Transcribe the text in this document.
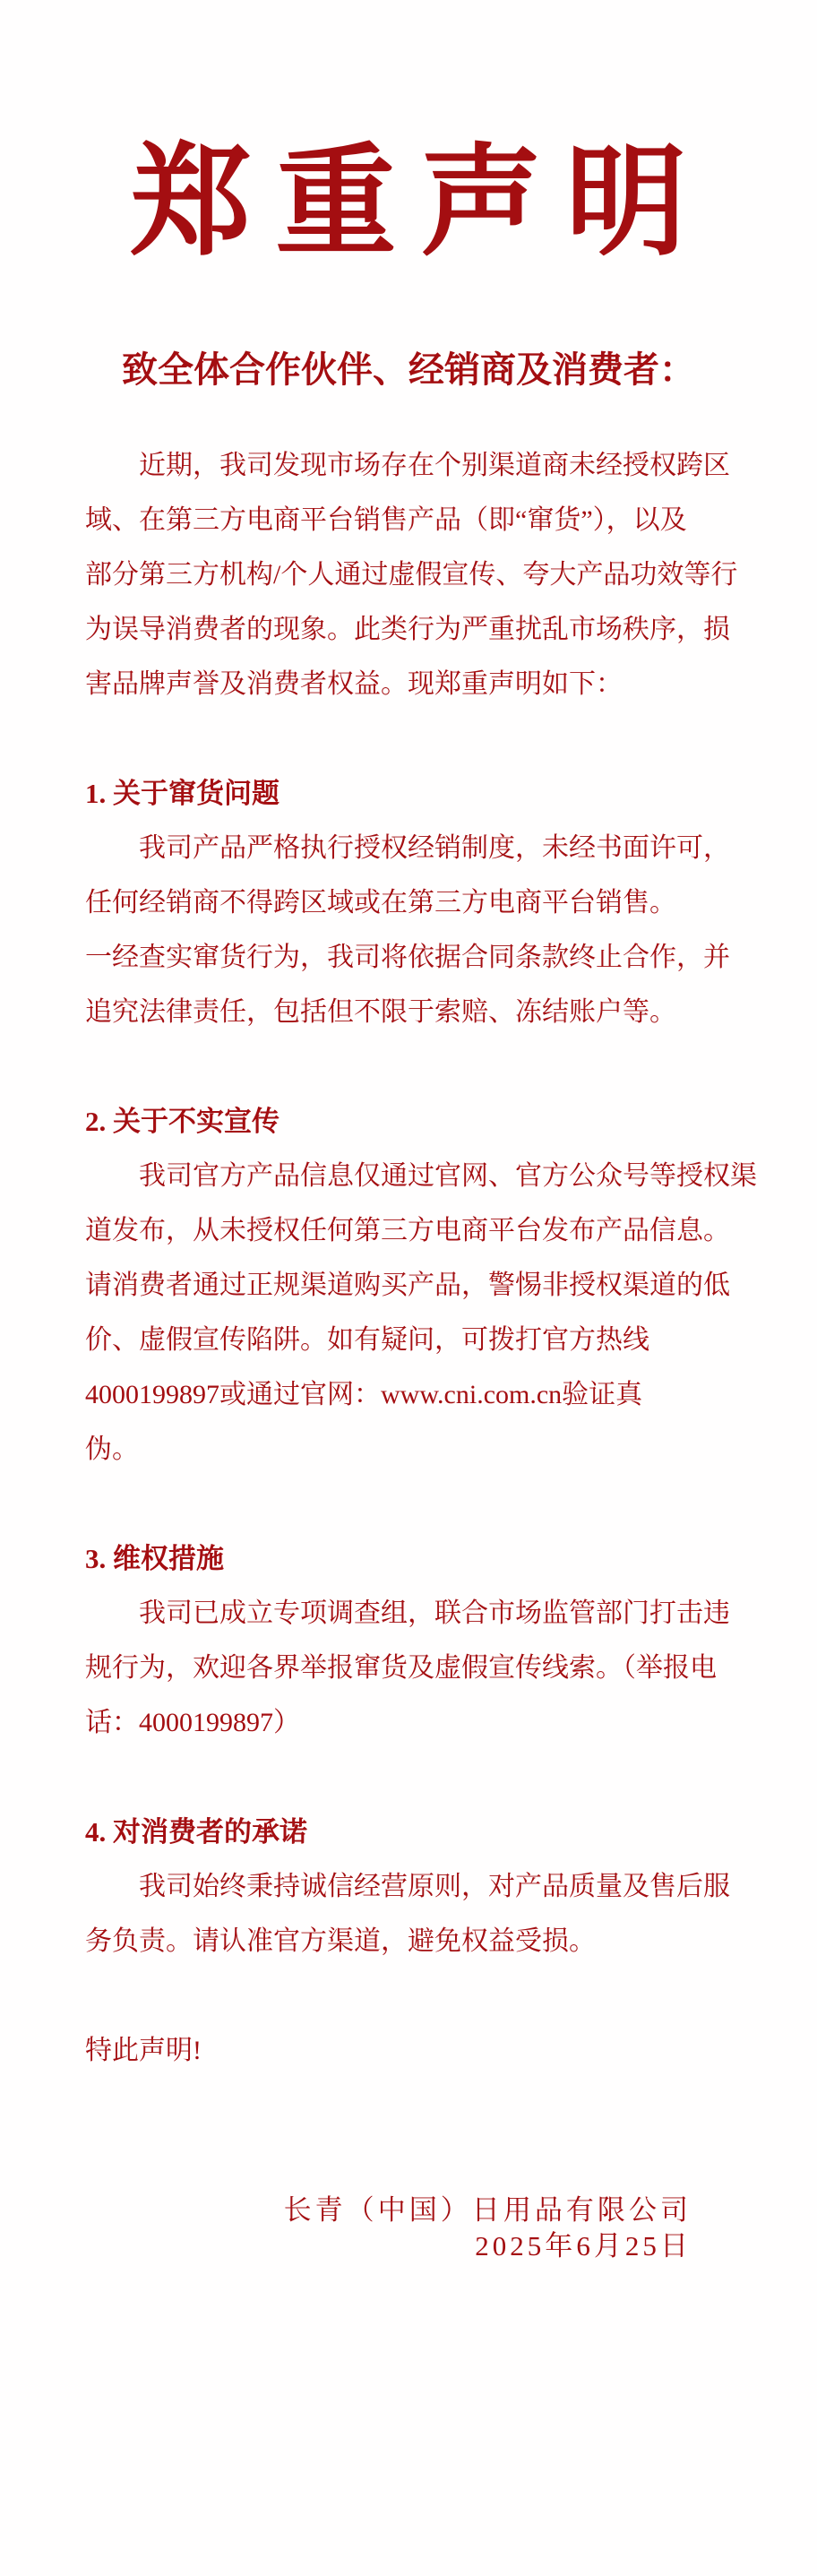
郑重声明
致全体合作伙伴、经销商及消费者：
近期，我司发现市场存在个别渠道商未经授权跨区
域、在第三方电商平台销售产品（即“窜货”），以及
部分第三方机构/个人通过虚假宣传、夸大产品功效等行
为误导消费者的现象。此类行为严重扰乱市场秩序，损
害品牌声誉及消费者权益。现郑重声明如下：
1. 关于窜货问题
我司产品严格执行授权经销制度，未经书面许可，
任何经销商不得跨区域或在第三方电商平台销售。
一经查实窜货行为，我司将依据合同条款终止合作，并
追究法律责任，包括但不限于索赔、冻结账户等。
2. 关于不实宣传
我司官方产品信息仅通过官网、官方公众号等授权渠
道发布，从未授权任何第三方电商平台发布产品信息。
请消费者通过正规渠道购买产品，警惕非授权渠道的低
价、虚假宣传陷阱。如有疑问，可拨打官方热线
4000199897或通过官网：www.cni.com.cn验证真
伪。
3. 维权措施
我司已成立专项调查组，联合市场监管部门打击违
规行为，欢迎各界举报窜货及虚假宣传线索。（举报电
话：4000199897）
4. 对消费者的承诺
我司始终秉持诚信经营原则，对产品质量及售后服
务负责。请认准官方渠道，避免权益受损。
特此声明!
长青（中国）日用品有限公司
2025年6月25日
